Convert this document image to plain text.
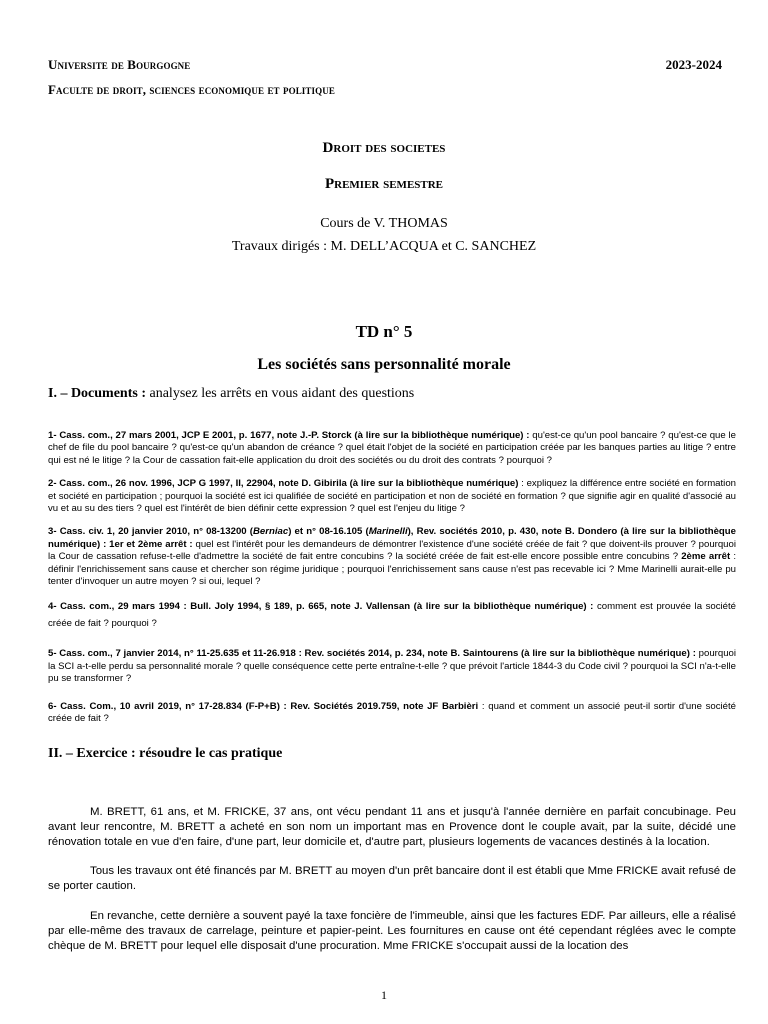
Universite de Bourgogne
Faculte de droit, sciences economique et politique
2023-2024
Droit des societes
Premier semestre
Cours de V. THOMAS
Travaux dirigés : M. DELL’ACQUA et C. SANCHEZ
TD n° 5
Les sociétés sans personnalité morale
I. – Documents : analysez les arrêts en vous aidant des questions

1- Cass. com., 27 mars 2001, JCP E 2001, p. 1677, note J.-P. Storck (à lire sur la bibliothèque numérique) : qu'est-ce qu'un pool bancaire ? qu'est-ce que le chef de file du pool bancaire ? qu'est-ce qu'un abandon de créance ? quel était l'objet de la société en participation créée par les banques parties au litige ? entre qui est né le litige ? la Cour de cassation fait-elle application du droit des sociétés ou du droit des contrats ? pourquoi ?

2- Cass. com., 26 nov. 1996, JCP G 1997, II, 22904, note D. Gibirila (à lire sur la bibliothèque numérique) : expliquez la différence entre société en formation et société en participation ; pourquoi la société est ici qualifiée de société en participation et non de société en formation ? que signifie agir en qualité d'associé au vu et au su des tiers ? quel est l'intérêt de bien définir cette expression ? quel est l'enjeu du litige ?

3- Cass. civ. 1, 20 janvier 2010, n° 08-13200 (Berniac) et n° 08-16.105 (Marinelli), Rev. sociétés 2010, p. 430, note B. Dondero (à lire sur la bibliothèque numérique) : 1er et 2ème arrêt : quel est l'intérêt pour les demandeurs de démontrer l'existence d'une société créée de fait ? que doivent-ils prouver ? pourquoi la Cour de cassation refuse-t-elle d'admettre la société de fait entre concubins ? la société créée de fait est-elle encore possible entre concubins ? 2ème arrêt : définir l'enrichissement sans cause et chercher son régime juridique ; pourquoi l'enrichissement sans cause n'est pas recevable ici ? Mme Marinelli aurait-elle pu tenter d'invoquer un autre moyen ? si oui, lequel ?

4- Cass. com., 29 mars 1994 : Bull. Joly 1994, § 189, p. 665, note J. Vallensan (à lire sur la bibliothèque numérique) : comment est prouvée la société créée de fait ? pourquoi ?

5- Cass. com., 7 janvier 2014, n° 11-25.635 et 11-26.918 : Rev. sociétés 2014, p. 234, note B. Saintourens (à lire sur la bibliothèque numérique) : pourquoi la SCI a-t-elle perdu sa personnalité morale ? quelle conséquence cette perte entraîne-t-elle ? que prévoit l'article 1844-3 du Code civil ? pourquoi la SCI n'a-t-elle pu se transformer ?

6- Cass. Com., 10 avril 2019, n° 17-28.834 (F-P+B) : Rev. Sociétés 2019.759, note JF Barbièri : quand et comment un associé peut-il sortir d'une société créée de fait ?

II. – Exercice : résoudre le cas pratique

M. BRETT, 61 ans, et M. FRICKE, 37 ans, ont vécu pendant 11 ans et jusqu'à l'année dernière en parfait concubinage. Peu avant leur rencontre, M. BRETT a acheté en son nom un important mas en Provence dont le couple avait, par la suite, décidé une rénovation totale en vue d'en faire, d'une part, leur domicile et, d'autre part, plusieurs logements de vacances destinés à la location.

Tous les travaux ont été financés par M. BRETT au moyen d'un prêt bancaire dont il est établi que Mme FRICKE avait refusé de se porter caution.

En revanche, cette dernière a souvent payé la taxe foncière de l'immeuble, ainsi que les factures EDF. Par ailleurs, elle a réalisé par elle-même des travaux de carrelage, peinture et papier-peint. Les fournitures en cause ont été cependant réglées avec le compte chèque de M. BRETT pour lequel elle disposait d'une procuration. Mme FRICKE s'occupait aussi de la location des

1
